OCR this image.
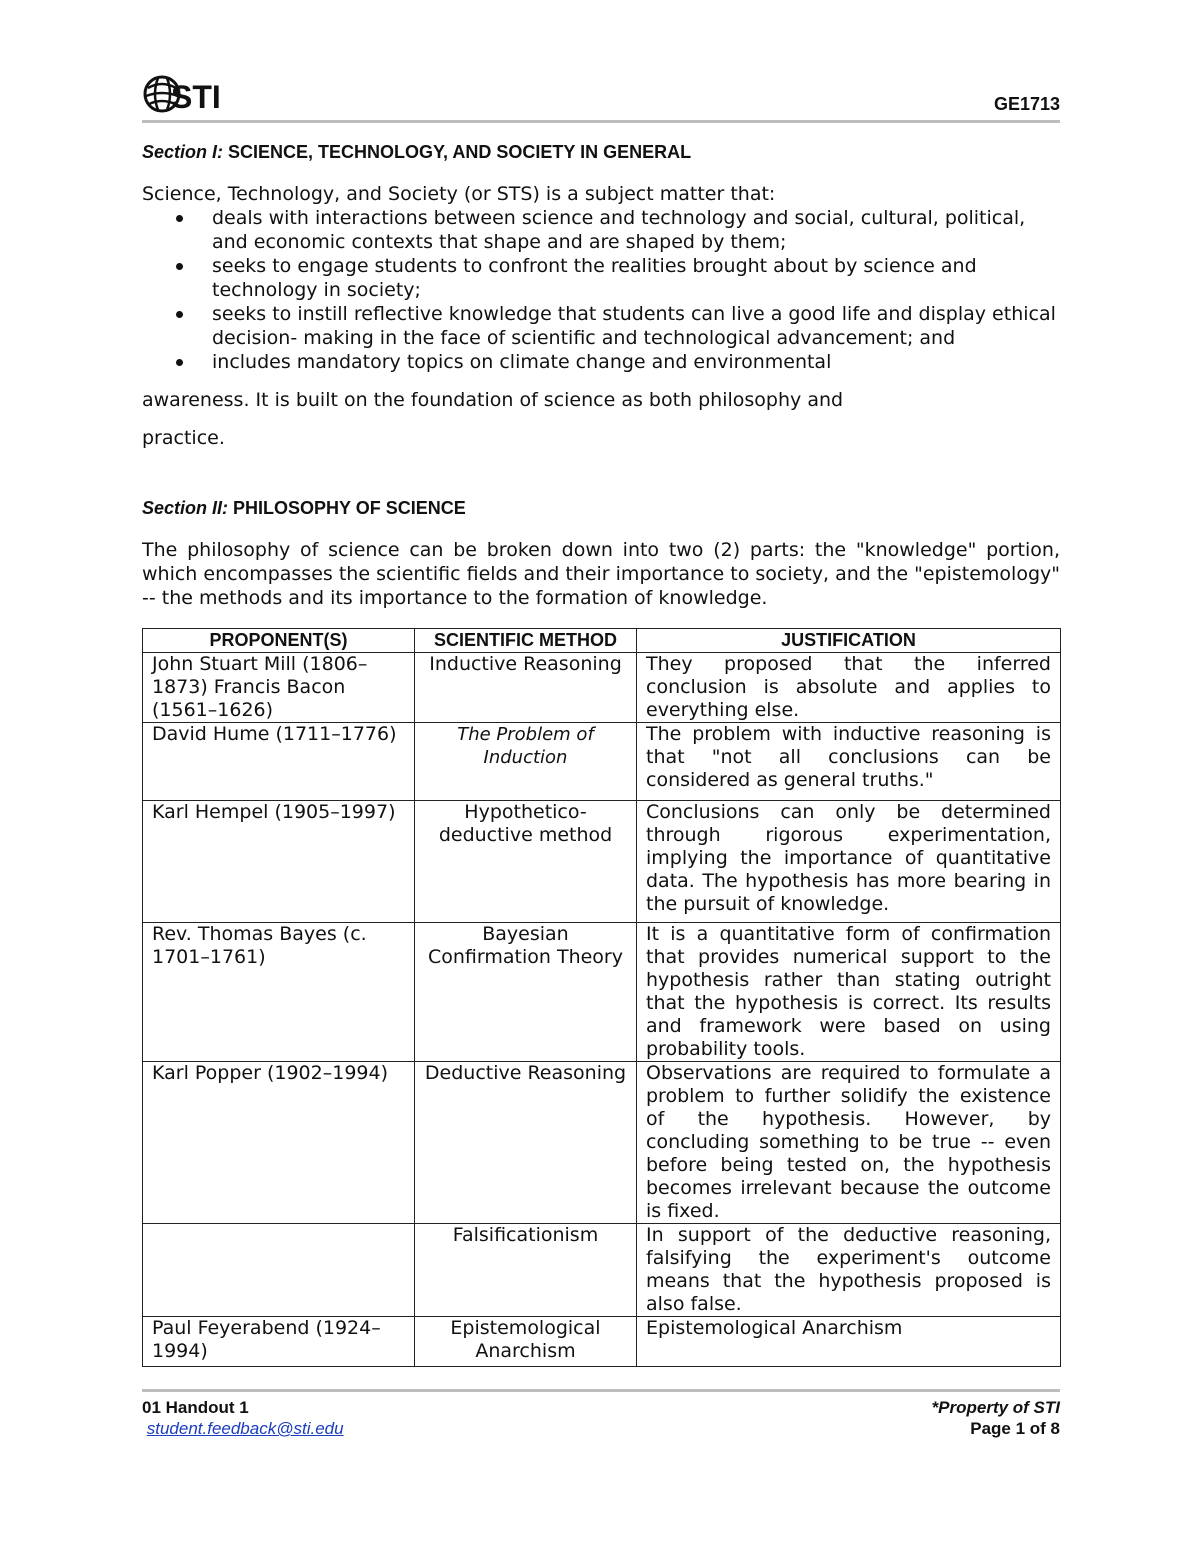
STI	GE1713
Section I: SCIENCE, TECHNOLOGY, AND SOCIETY IN GENERAL

Science, Technology, and Society (or STS) is a subject matter that:

deals with interactions between science and technology and social, cultural, political, and economic contexts that shape and are shaped by them;
seeks to engage students to confront the realities brought about by science and technology in society;
seeks to instill reflective knowledge that students can live a good life and display ethical decision- making in the face of scientific and technological advancement; and
includes mandatory topics on climate change and environmental

awareness. It is built on the foundation of science as both philosophy and

practice.

Section II: PHILOSOPHY OF SCIENCE

The philosophy of science can be broken down into two (2) parts: the "knowledge" portion, which encompasses the scientific fields and their importance to society, and the "epistemology" -- the methods and its importance to the formation of knowledge.

PROPONENT(S)	SCIENTIFIC METHOD	JUSTIFICATION
John Stuart Mill (1806–1873) Francis Bacon (1561–1626)	Inductive Reasoning	They proposed that the inferred conclusion is absolute and applies to everything else.
David Hume (1711–1776)	The Problem of Induction	The problem with inductive reasoning is that "not all conclusions can be considered as general truths."
Karl Hempel (1905–1997)	Hypothetico-deductive method	Conclusions can only be determined through rigorous experimentation, implying the importance of quantitative data. The hypothesis has more bearing in the pursuit of knowledge.
Rev. Thomas Bayes (c. 1701–1761)	Bayesian Confirmation Theory	It is a quantitative form of confirmation that provides numerical support to the hypothesis rather than stating outright that the hypothesis is correct. Its results and framework were based on using probability tools.
Karl Popper (1902–1994)	Deductive Reasoning	Observations are required to formulate a problem to further solidify the existence of the hypothesis. However, by concluding something to be true -- even before being tested on, the hypothesis becomes irrelevant because the outcome is fixed.
	Falsificationism	In support of the deductive reasoning, falsifying the experiment's outcome means that the hypothesis proposed is also false.
Paul Feyerabend (1924–1994)	Epistemological Anarchism	Epistemological Anarchism
01 Handout 1
student.feedback@sti.edu
*Property of STI
Page 1 of 8
